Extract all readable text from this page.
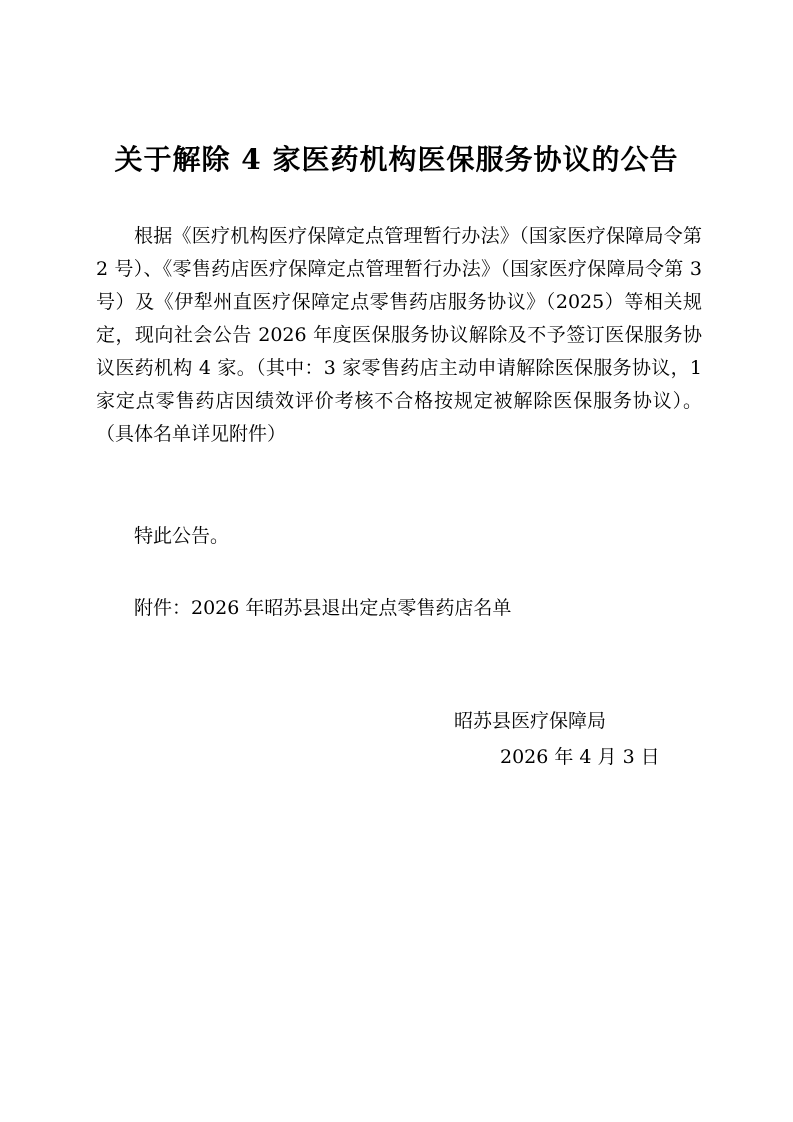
关于解除 4 家医药机构医保服务协议的公告

根据《医疗机构医疗保障定点管理暂行办法》（国家医疗保障局令第 2 号）、《零售药店医疗保障定点管理暂行办法》（国家医疗保障局令第 3 号）及《伊犁州直医疗保障定点零售药店服务协议》（2025）等相关规定，现向社会公告 2026 年度医保服务协议解除及不予签订医保服务协议医药机构 4 家。（其中：3 家零售药店主动申请解除医保服务协议，1 家定点零售药店因绩效评价考核不合格按规定被解除医保服务协议）。（具体名单详见附件）

特此公告。

附件：2026 年昭苏县退出定点零售药店名单

昭苏县医疗保障局
2026 年 4 月 3 日
